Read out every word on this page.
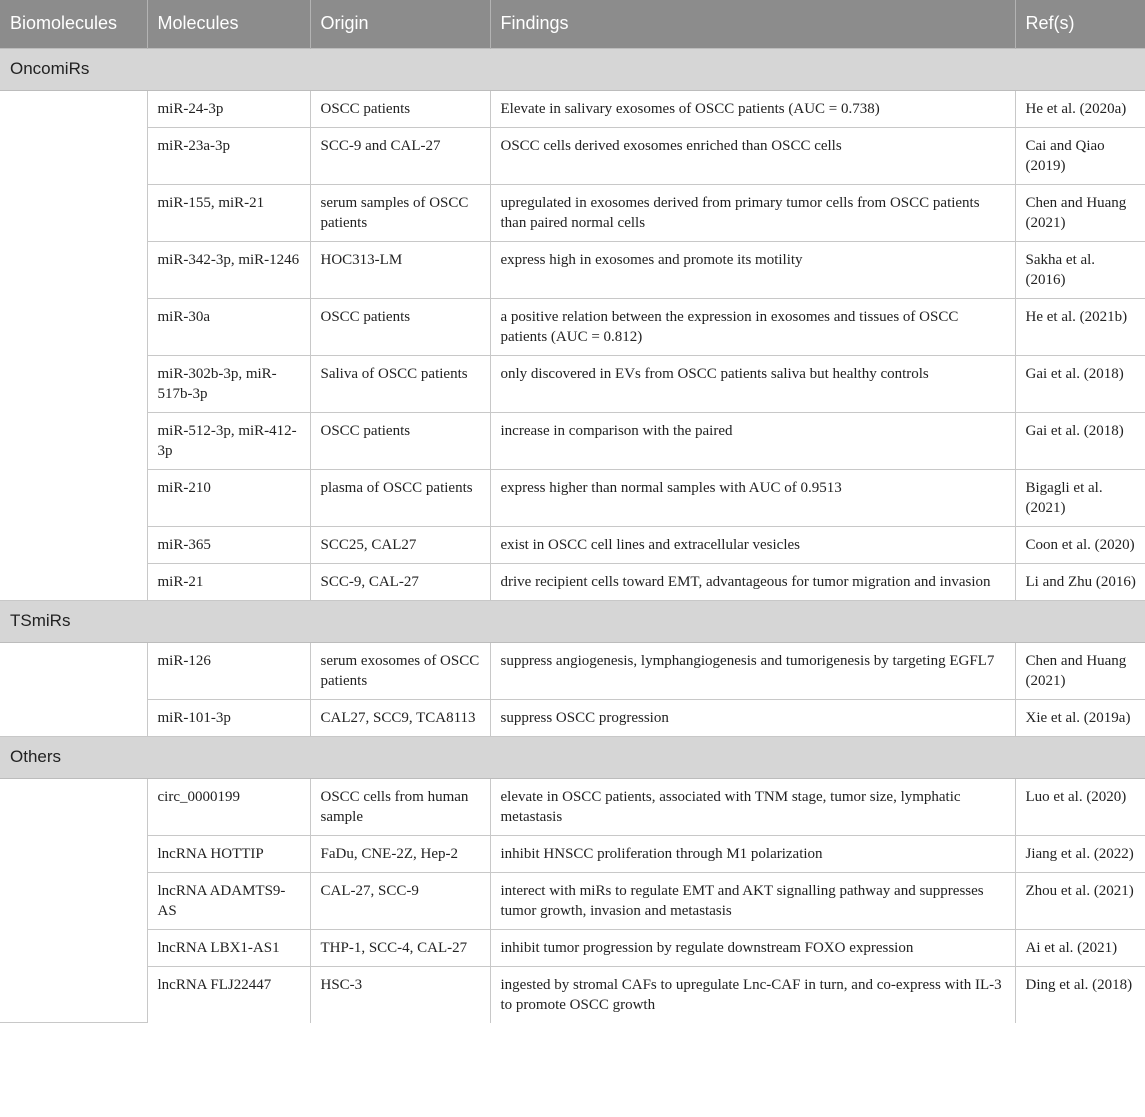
Biomolecules	Molecules	Origin	Findings	Ref(s)
OncomiRs				
	miR-24-3p	OSCC patients	Elevate in salivary exosomes of OSCC patients (AUC = 0.738)	He et al. (2020a)
	miR-23a-3p	SCC-9 and CAL-27	OSCC cells derived exosomes enriched than OSCC cells	Cai and Qiao (2019)
	miR-155, miR-21	serum samples of OSCC patients	upregulated in exosomes derived from primary tumor cells from OSCC patients than paired normal cells	Chen and Huang (2021)
	miR-342-3p, miR-1246	HOC313-LM	express high in exosomes and promote its motility	Sakha et al. (2016)
	miR-30a	OSCC patients	a positive relation between the expression in exosomes and tissues of OSCC patients (AUC = 0.812)	He et al. (2021b)
	miR-302b-3p, miR-517b-3p	Saliva of OSCC patients	only discovered in EVs from OSCC patients saliva but healthy controls	Gai et al. (2018)
	miR-512-3p, miR-412-3p	OSCC patients	increase in comparison with the paired	Gai et al. (2018)
	miR-210	plasma of OSCC patients	express higher than normal samples with AUC of 0.9513	Bigagli et al. (2021)
	miR-365	SCC25, CAL27	exist in OSCC cell lines and extracellular vesicles	Coon et al. (2020)
	miR-21	SCC-9, CAL-27	drive recipient cells toward EMT, advantageous for tumor migration and invasion	Li and Zhu (2016)
TSmiRs				
	miR-126	serum exosomes of OSCC patients	suppress angiogenesis, lymphangiogenesis and tumorigenesis by targeting EGFL7	Chen and Huang (2021)
	miR-101-3p	CAL27, SCC9, TCA8113	suppress OSCC progression	Xie et al. (2019a)
Others				
	circ_0000199	OSCC cells from human sample	elevate in OSCC patients, associated with TNM stage, tumor size, lymphatic metastasis	Luo et al. (2020)
	lncRNA HOTTIP	FaDu, CNE-2Z, Hep-2	inhibit HNSCC proliferation through M1 polarization	Jiang et al. (2022)
	lncRNA ADAMTS9-AS	CAL-27, SCC-9	interect with miRs to regulate EMT and AKT signalling pathway and suppresses tumor growth, invasion and metastasis	Zhou et al. (2021)
	lncRNA LBX1-AS1	THP-1, SCC-4, CAL-27	inhibit tumor progression by regulate downstream FOXO expression	Ai et al. (2021)
	lncRNA FLJ22447	HSC-3	ingested by stromal CAFs to upregulate Lnc-CAF in turn, and co-express with IL-3 to promote OSCC growth	Ding et al. (2018)
